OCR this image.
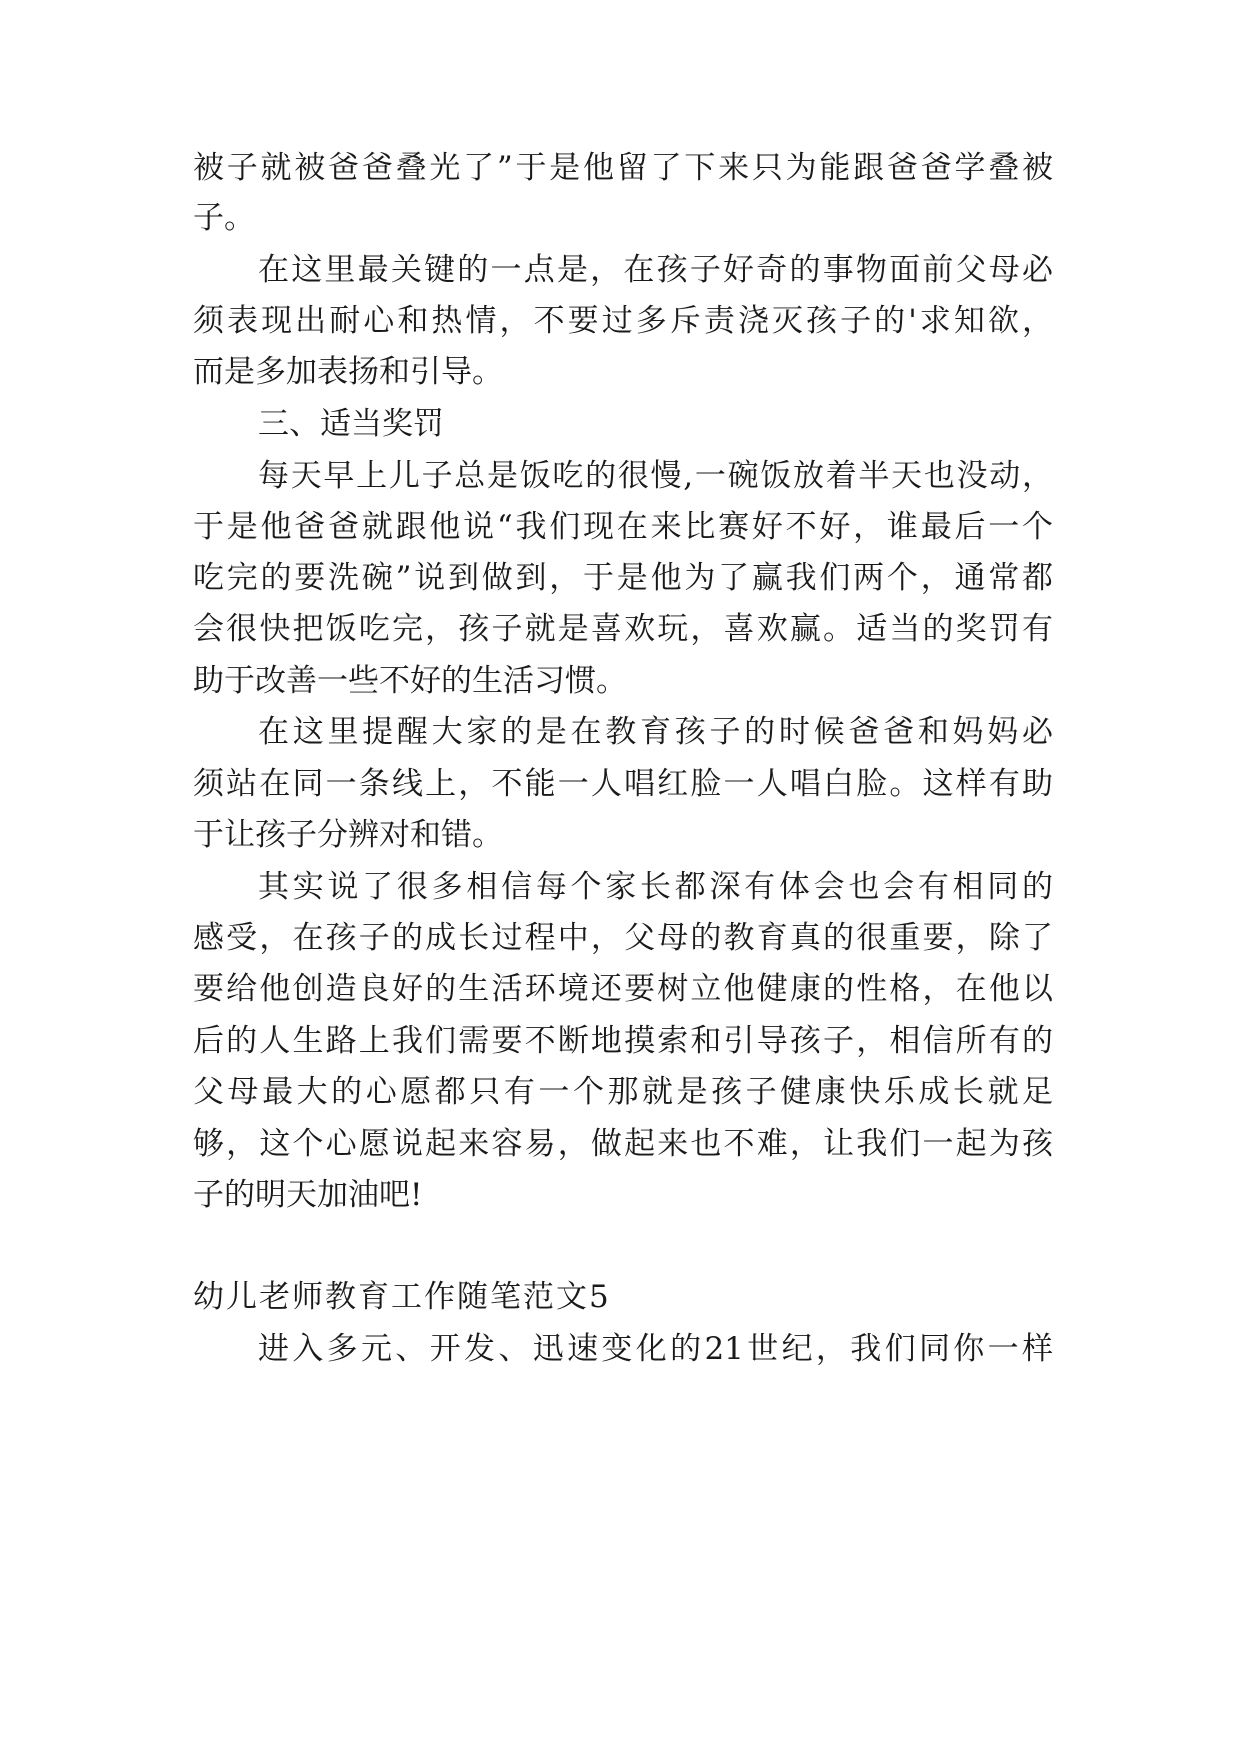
被子就被爸爸叠光了”于是他留了下来只为能跟爸爸学叠被
子。
在这里最关键的一点是，在孩子好奇的事物面前父母必
须表现出耐心和热情，不要过多斥责浇灭孩子的'求知欲，
而是多加表扬和引导。
三、适当奖罚
每天早上儿子总是饭吃的很慢,一碗饭放着半天也没动，
于是他爸爸就跟他说“我们现在来比赛好不好，谁最后一个
吃完的要洗碗”说到做到，于是他为了赢我们两个，通常都
会很快把饭吃完，孩子就是喜欢玩，喜欢赢。适当的奖罚有
助于改善一些不好的生活习惯。
在这里提醒大家的是在教育孩子的时候爸爸和妈妈必
须站在同一条线上，不能一人唱红脸一人唱白脸。这样有助
于让孩子分辨对和错。
其实说了很多相信每个家长都深有体会也会有相同的
感受，在孩子的成长过程中，父母的教育真的很重要，除了
要给他创造良好的生活环境还要树立他健康的性格，在他以
后的人生路上我们需要不断地摸索和引导孩子，相信所有的
父母最大的心愿都只有一个那就是孩子健康快乐成长就足
够，这个心愿说起来容易，做起来也不难，让我们一起为孩
子的明天加油吧!
幼儿老师教育工作随笔范文5
进入多元、开发、迅速变化的21世纪，我们同你一样
